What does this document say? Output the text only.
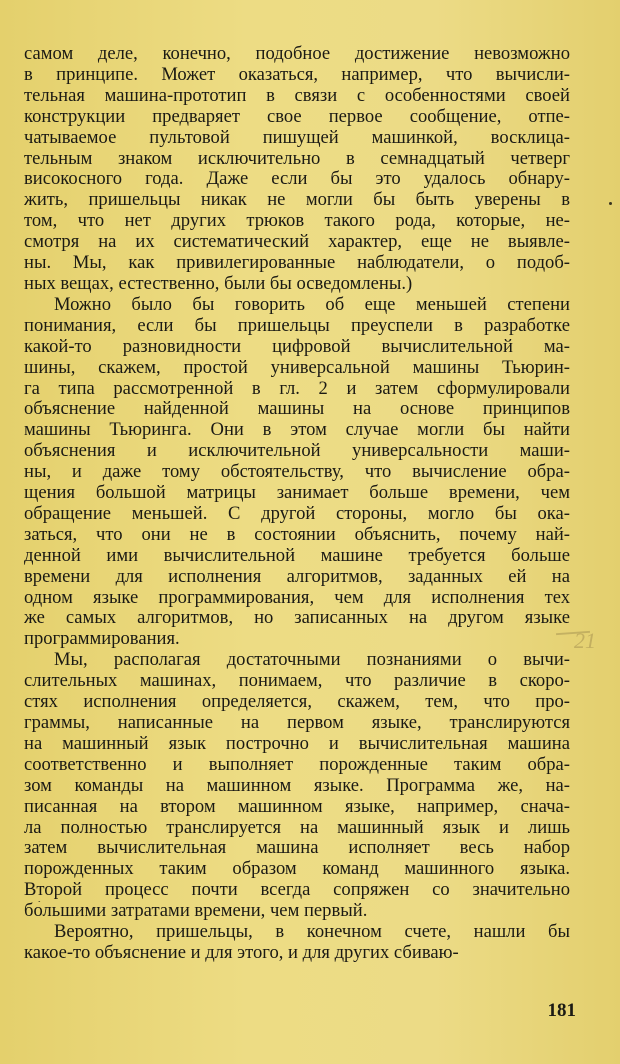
21

самом деле, конечно, подобное достижение невозможно
в принципе. Может оказаться, например, что вычисли-
тельная машина-прототип в связи с особенностями своей
конструкции предваряет свое первое сообщение, отпе-
чатываемое пультовой пишущей машинкой, восклица-
тельным знаком исключительно в семнадцатый четверг
високосного года. Даже если бы это удалось обнару-
жить, пришельцы никак не могли бы быть уверены в
том, что нет других трюков такого рода, которые, не-
смотря на их систематический характер, еще не выявле-
ны. Мы, как привилегированные наблюдатели, о подоб-
ных вещах, естественно, были бы осведомлены.)

Можно было бы говорить об еще меньшей степени
понимания, если бы пришельцы преуспели в разработке
какой-то разновидности цифровой вычислительной ма-
шины, скажем, простой универсальной машины Тьюрин-
га типа рассмотренной в гл. 2 и затем сформулировали
объяснение найденной машины на основе принципов
машины Тьюринга. Они в этом случае могли бы найти
объяснения и исключительной универсальности маши-
ны, и даже тому обстоятельству, что вычисление обра-
щения большой матрицы занимает больше времени, чем
обращение меньшей. С другой стороны, могло бы ока-
заться, что они не в состоянии объяснить, почему най-
денной ими вычислительной машине требуется больше
времени для исполнения алгоритмов, заданных ей на
одном языке программирования, чем для исполнения тех
же самых алгоритмов, но записанных на другом языке
программирования.

Мы, располагая достаточными познаниями о вычи-
слительных машинах, понимаем, что различие в скоро-
стях исполнения определяется, скажем, тем, что про-
граммы, написанные на первом языке, транслируются
на машинный язык построчно и вычислительная машина
соответственно и выполняет порожденные таким обра-
зом команды на машинном языке. Программа же, на-
писанная на втором машинном языке, например, снача-
ла полностью транслируется на машинный язык и лишь
затем вычислительная машина исполняет весь набор
порожденных таким образом команд машинного языка.
Второй процесс почти всегда сопряжен со значительно
бо́льшими затратами времени, чем первый.

Вероятно, пришельцы, в конечном счете, нашли бы
какое-то объяснение и для этого, и для других сбиваю-

181
